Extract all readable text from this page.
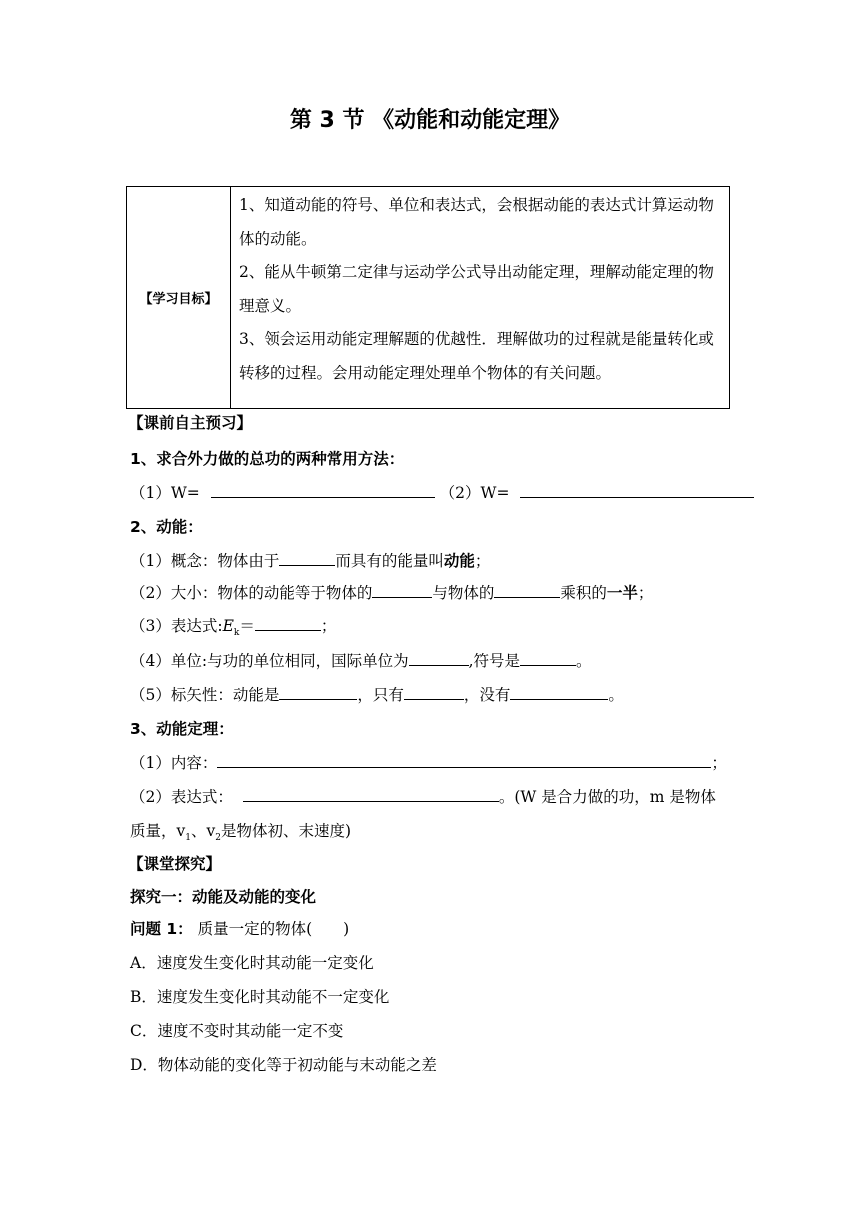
第 3 节 《动能和动能定理》
【学习目标】
1、知道动能的符号、单位和表达式，会根据动能的表达式计算运动物体的动能。
2、能从牛顿第二定律与运动学公式导出动能定理，理解动能定理的物理意义。
3、领会运用动能定理解题的优越性．理解做功的过程就是能量转化或转移的过程。会用动能定理处理单个物体的有关问题。
【课前自主预习】
1、求合外力做的总功的两种常用方法：
（1）W=	（2）W=
2、动能：
（1）概念：物体由于	而具有的能量叫动能；
（2）大小：物体的动能等于物体的	与物体的	乘积的一半；
（3）表达式$:E_k=$	；
（4）单位:与功的单位相同，国际单位为	,符号是	。
（5）标矢性：动能是	，只有	，没有	。
3、动能定理：
（1）内容：	；
（2）表达式：	。(W 是合力做的功，m 是物体
质量，$v_1$、$v_2$是物体初、末速度)
【课堂探究】
探究一：动能及动能的变化
问题 1： 质量一定的物体(　　)
A．速度发生变化时其动能一定变化
B．速度发生变化时其动能不一定变化
C．速度不变时其动能一定不变
D．物体动能的变化等于初动能与末动能之差
